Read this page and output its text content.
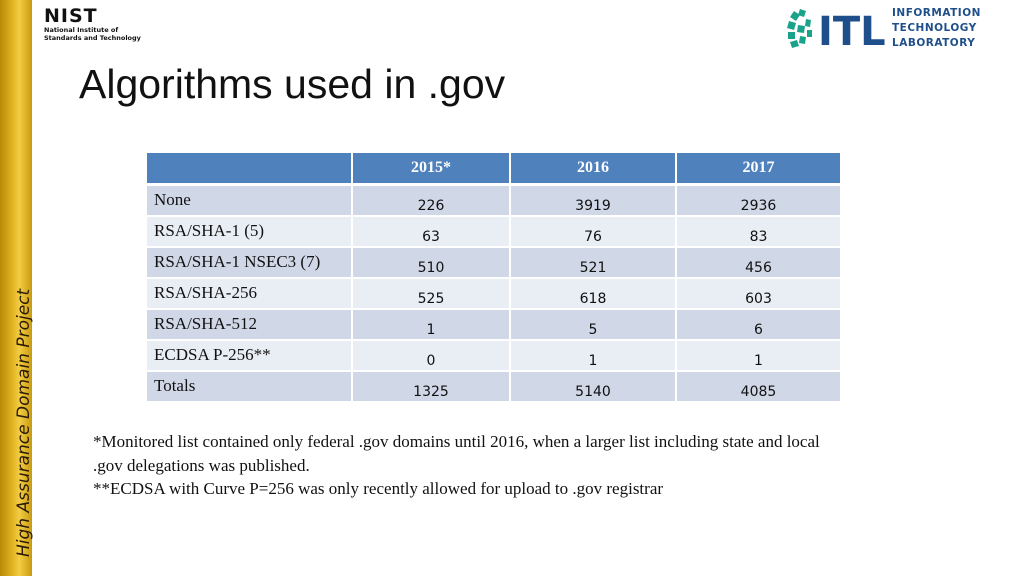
High Assurance Domain Project
NIST
National Institute of
Standards and Technology	ITL INFORMATION
TECHNOLOGY
LABORATORY
Algorithms used in .gov
	2015*	2016	2017
None	226	3919	2936
RSA/SHA-1 (5)	63	76	83
RSA/SHA-1 NSEC3 (7)	510	521	456
RSA/SHA-256	525	618	603
RSA/SHA-512	1	5	6
ECDSA P-256**	0	1	1
Totals	1325	5140	4085
*Monitored list contained only federal .gov domains until 2016, when a larger list including state and local .gov delegations was published.
**ECDSA with Curve P=256 was only recently allowed for upload to .gov registrar
